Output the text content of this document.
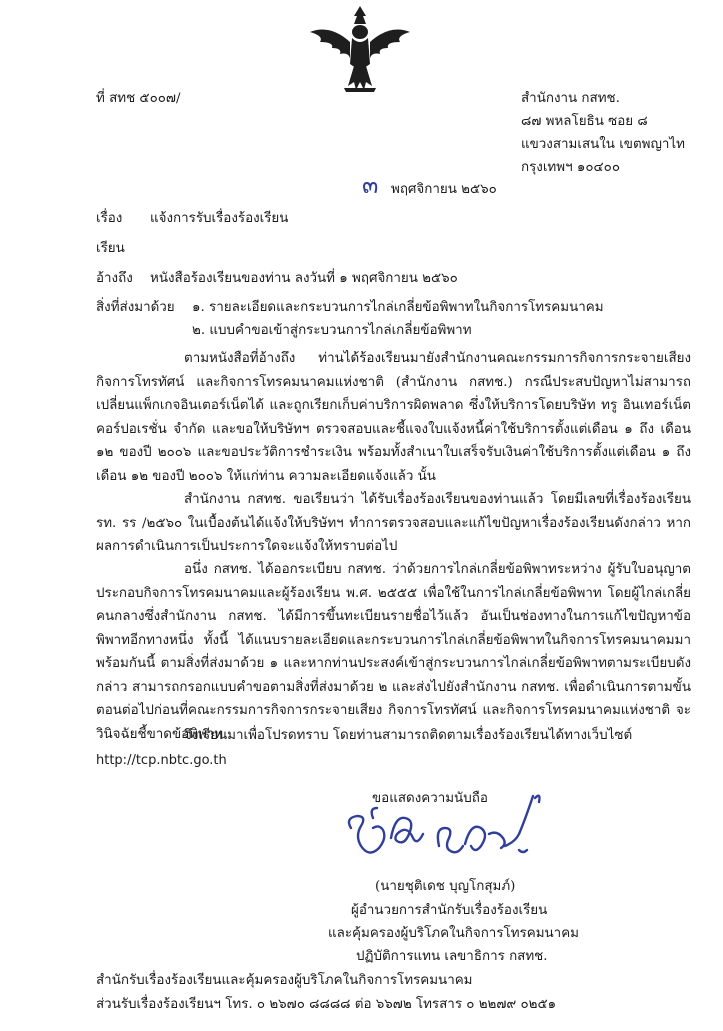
ที่ สทช ๕๐๐๗/	สำนักงาน กสทช.
๘๗ พหลโยธิน ซอย ๘
แขวงสามเสนใน เขตพญาไท
กรุงเทพฯ ๑๐๔๐๐
๓ พฤศจิกายน ๒๕๖๐
เรื่อง แจ้งการรับเรื่องร้องเรียน
เรียน
อ้างถึง หนังสือร้องเรียนของท่าน ลงวันที่ ๑ พฤศจิกายน ๒๕๖๐
สิ่งที่ส่งมาด้วย ๑. รายละเอียดและกระบวนการไกล่เกลี่ยข้อพิพาทในกิจการโทรคมนาคม
๒. แบบคำขอเข้าสู่กระบวนการไกล่เกลี่ยข้อพิพาท
ตามหนังสือที่อ้างถึง ท่านได้ร้องเรียนมายังสำนักงานคณะกรรมการกิจการกระจายเสียง กิจการโทรทัศน์ และกิจการโทรคมนาคมแห่งชาติ (สำนักงาน กสทช.) กรณีประสบปัญหาไม่สามารถเปลี่ยนแพ็กเกจอินเตอร์เน็ตได้ และถูกเรียกเก็บค่าบริการผิดพลาด ซึ่งให้บริการโดยบริษัท ทรู อินเทอร์เน็ต คอร์ปอเรชั่น จำกัด และขอให้บริษัทฯ ตรวจสอบและชี้แจงใบแจ้งหนี้ค่าใช้บริการตั้งแต่เดือน ๑ ถึง เดือน ๑๒ ของปี ๒๐๐๖ และขอประวัติการชำระเงิน พร้อมทั้งสำเนาใบเสร็จรับเงินค่าใช้บริการตั้งแต่เดือน ๑ ถึง เดือน ๑๒ ของปี ๒๐๐๖ ให้แก่ท่าน ความละเอียดแจ้งแล้ว นั้น
สำนักงาน กสทช. ขอเรียนว่า ได้รับเรื่องร้องเรียนของท่านแล้ว โดยมีเลขที่เรื่องร้องเรียน รท. รร /๒๕๖๐ ในเบื้องต้นได้แจ้งให้บริษัทฯ ทำการตรวจสอบและแก้ไขปัญหาเรื่องร้องเรียนดังกล่าว หากผลการดำเนินการเป็นประการใดจะแจ้งให้ทราบต่อไป
อนึ่ง กสทช. ได้ออกระเบียบ กสทช. ว่าด้วยการไกล่เกลี่ยข้อพิพาทระหว่าง ผู้รับใบอนุญาตประกอบกิจการโทรคมนาคมและผู้ร้องเรียน พ.ศ. ๒๕๕๕ เพื่อใช้ในการไกล่เกลี่ยข้อพิพาท โดยผู้ไกล่เกลี่ยคนกลางซึ่งสำนักงาน กสทช. ได้มีการขึ้นทะเบียนรายชื่อไว้แล้ว อันเป็นช่องทางในการแก้ไขปัญหาข้อพิพาทอีกทางหนึ่ง ทั้งนี้ ได้แนบรายละเอียดและกระบวนการไกล่เกลี่ยข้อพิพาทในกิจการโทรคมนาคมมาพร้อมกันนี้ ตามสิ่งที่ส่งมาด้วย ๑ และหากท่านประสงค์เข้าสู่กระบวนการไกล่เกลี่ยข้อพิพาทตามระเบียบดังกล่าว สามารถกรอกแบบคำขอตามสิ่งที่ส่งมาด้วย ๒ และส่งไปยังสำนักงาน กสทช. เพื่อดำเนินการตามขั้นตอนต่อไปก่อนที่คณะกรรมการกิจการกระจายเสียง กิจการโทรทัศน์ และกิจการโทรคมนาคมแห่งชาติ จะวินิจฉัยชี้ขาดข้อพิพาท
จึงเรียนมาเพื่อโปรดทราบ โดยท่านสามารถติดตามเรื่องร้องเรียนได้ทางเว็บไซต์
http://tcp.nbtc.go.th
ขอแสดงความนับถือ
(นายชุติเดช บุญโกสุมภ์)
ผู้อำนวยการสำนักรับเรื่องร้องเรียน
และคุ้มครองผู้บริโภคในกิจการโทรคมนาคม
ปฏิบัติการแทน เลขาธิการ กสทช.
สำนักรับเรื่องร้องเรียนและคุ้มครองผู้บริโภคในกิจการโทรคมนาคม
ส่วนรับเรื่องร้องเรียนฯ โทร. ๐ ๒๖๗๐ ๘๘๘๘ ต่อ ๖๖๗๒ โทรสาร ๐ ๒๒๗๙ ๐๒๕๑
